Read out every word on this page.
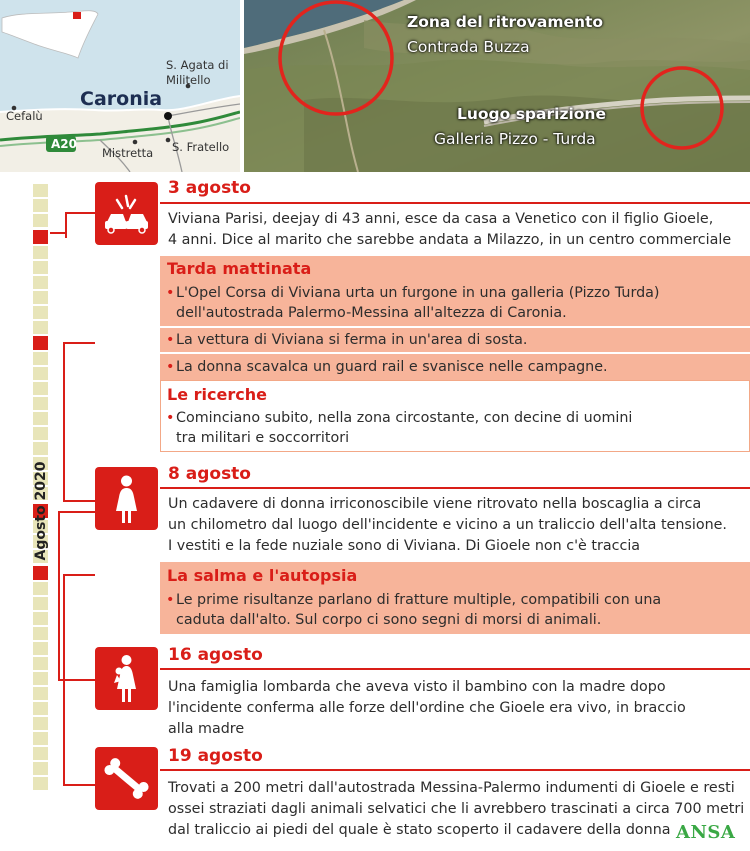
Caronia
Cefalù
S. Agata di Militello
Mistretta S. Fratello
A20
Zona del ritrovamento
Contrada Buzza
Luogo sparizione
Galleria Pizzo - Turda
Agosto 2020
3 agosto
Viviana Parisi, deejay di 43 anni, esce da casa a Venetico con il figlio Gioele,
4 anni. Dice al marito che sarebbe andata a Milazzo, in un centro commerciale
Tarda mattinata
• L'Opel Corsa di Viviana urta un furgone in una galleria (Pizzo Turda)
dell'autostrada Palermo-Messina all'altezza di Caronia.
• La vettura di Viviana si ferma in un'area di sosta.
• La donna scavalca un guard rail e svanisce nelle campagne.
Le ricerche
• Cominciano subito, nella zona circostante, con decine di uomini
tra militari e soccorritori
8 agosto
Un cadavere di donna irriconoscibile viene ritrovato nella boscaglia a circa
un chilometro dal luogo dell'incidente e vicino a un traliccio dell'alta tensione.
I vestiti e la fede nuziale sono di Viviana. Di Gioele non c'è traccia
La salma e l'autopsia
• Le prime risultanze parlano di fratture multiple, compatibili con una
caduta dall'alto. Sul corpo ci sono segni di morsi di animali.
16 agosto
Una famiglia lombarda che aveva visto il bambino con la madre dopo
l'incidente conferma alle forze dell'ordine che Gioele era vivo, in braccio
alla madre
19 agosto
Trovati a 200 metri dall'autostrada Messina-Palermo indumenti di Gioele e resti
ossei straziati dagli animali selvatici che li avrebbero trascinati a circa 700 metri
dal traliccio ai piedi del quale è stato scoperto il cadavere della donna ANSA
